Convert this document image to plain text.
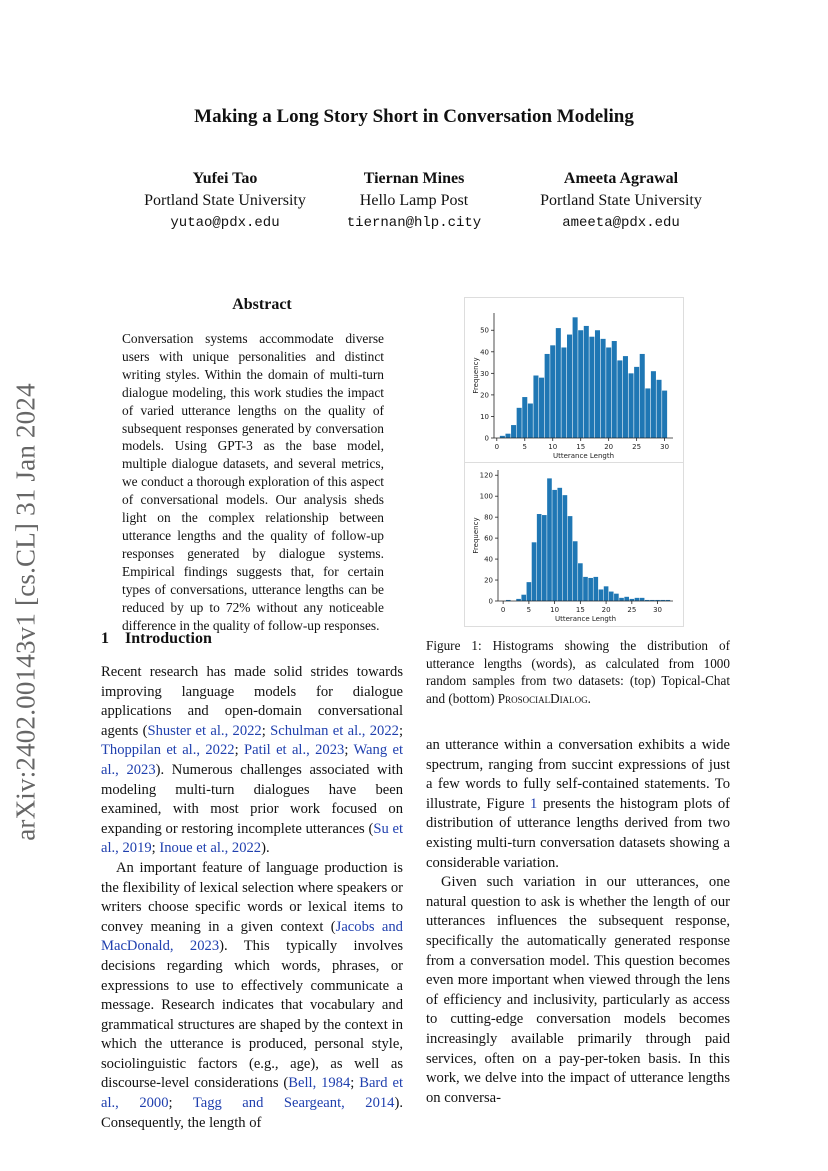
Making a Long Story Short in Conversation Modeling
Yufei Tao
Portland State University
yutao@pdx.edu
Tiernan Mines
Hello Lamp Post
tiernan@hlp.city
Ameeta Agrawal
Portland State University
ameeta@pdx.edu
arXiv:2402.00143v1 [cs.CL] 31 Jan 2024
Abstract
Conversation systems accommodate diverse users with unique personalities and distinct writing styles. Within the domain of multi-turn dialogue modeling, this work studies the impact of varied utterance lengths on the quality of subsequent responses generated by conversation models. Using GPT-3 as the base model, multiple dialogue datasets, and several metrics, we conduct a thorough exploration of this aspect of conversational models. Our analysis sheds light on the complex relationship between utterance lengths and the quality of follow-up responses generated by dialogue systems. Empirical findings suggests that, for certain types of conversations, utterance lengths can be reduced by up to 72% without any noticeable difference in the quality of follow-up responses.
1 Introduction

Recent research has made solid strides towards improving language models for dialogue applications and open-domain conversational agents (Shuster et al., 2022; Schulman et al., 2022; Thoppilan et al., 2022; Patil et al., 2023; Wang et al., 2023). Numerous challenges associated with modeling multi-turn dialogues have been examined, with most prior work focused on expanding or restoring incomplete utterances (Su et al., 2019; Inoue et al., 2022).

An important feature of language production is the flexibility of lexical selection where speakers or writers choose specific words or lexical items to convey meaning in a given context (Jacobs and MacDonald, 2023). This typically involves decisions regarding which words, phrases, or expressions to use to effectively communicate a message. Research indicates that vocabulary and grammatical structures are shaped by the context in which the utterance is produced, personal style, sociolinguistic factors (e.g., age), as well as discourse-level considerations (Bell, 1984; Bard et al., 2000; Tagg and Seargeant, 2014). Consequently, the length of

0	5	10	15	20	25	30
0
10
20
30
40
50
Utterance Length
Frequency
0	5	10 15 20 25 30
0
20
40
60
80
100
120
Utterance Length
Frequency
Figure 1: Histograms showing the distribution of utterance lengths (words), as calculated from 1000 random samples from two datasets: (top) Topical-Chat and (bottom) ProsocialDialog.

an utterance within a conversation exhibits a wide spectrum, ranging from succint expressions of just a few words to fully self-contained statements. To illustrate, Figure 1 presents the histogram plots of distribution of utterance lengths derived from two existing multi-turn conversation datasets showing a considerable variation.

Given such variation in our utterances, one natural question to ask is whether the length of our utterances influences the subsequent response, specifically the automatically generated response from a conversation model. This question becomes even more important when viewed through the lens of efficiency and inclusivity, particularly as access to cutting-edge conversation models becomes increasingly available primarily through paid services, often on a pay-per-token basis. In this work, we delve into the impact of utterance lengths on conversa-
